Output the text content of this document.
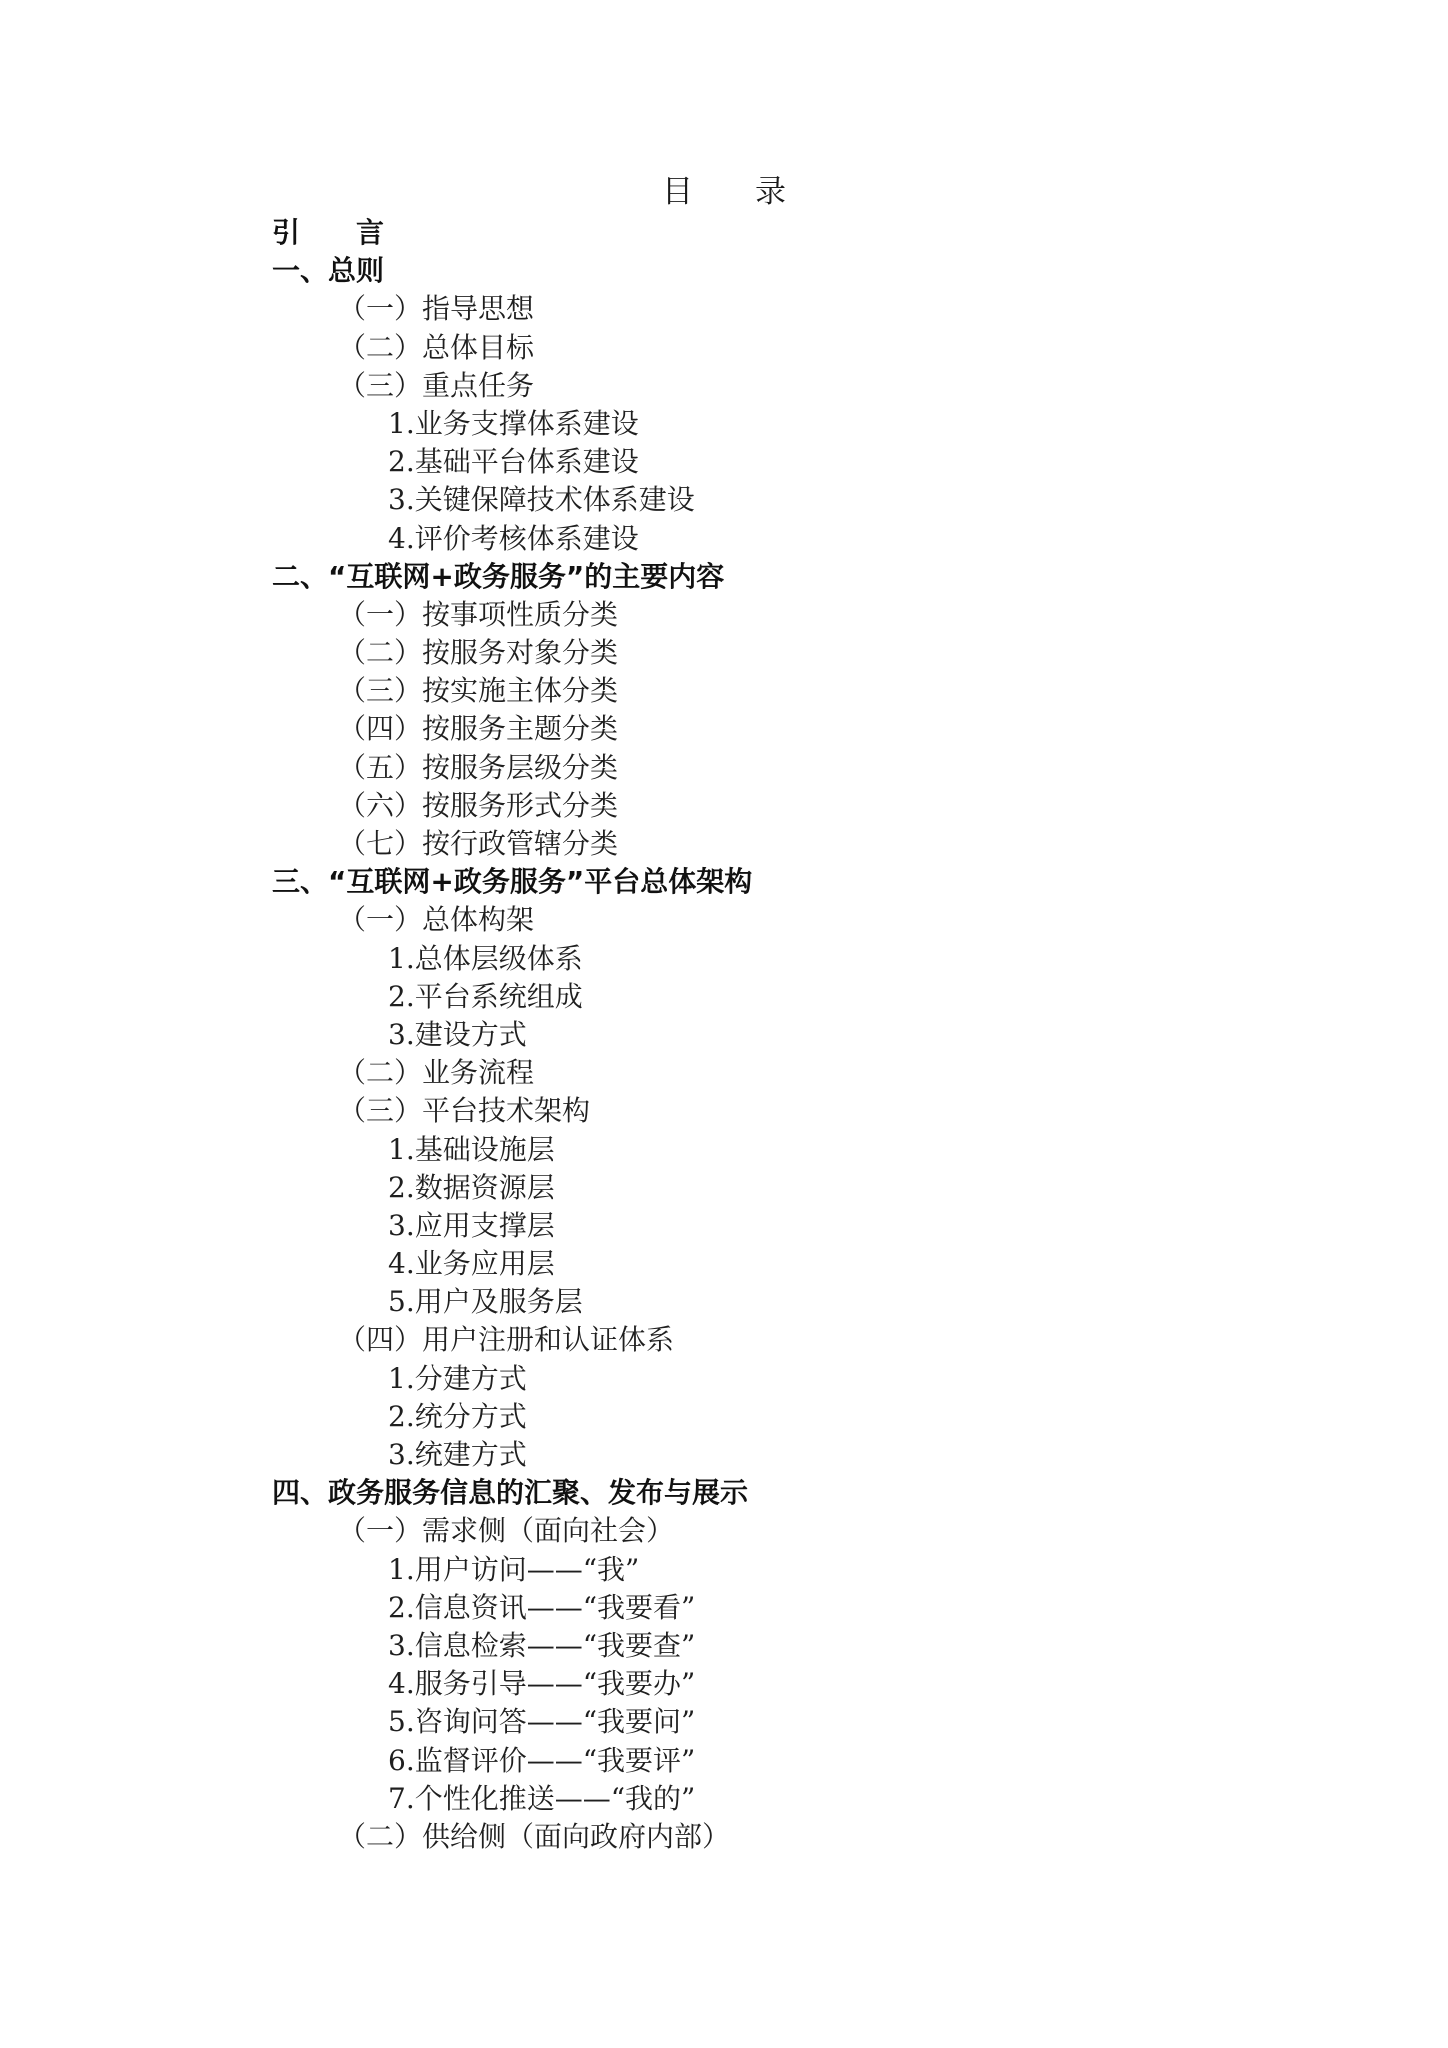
目　　录
引　　言
一、总则
（一）指导思想
（二）总体目标
（三）重点任务
1.业务支撑体系建设
2.基础平台体系建设
3.关键保障技术体系建设
4.评价考核体系建设
二、“互联网+政务服务”的主要内容
（一）按事项性质分类
（二）按服务对象分类
（三）按实施主体分类
（四）按服务主题分类
（五）按服务层级分类
（六）按服务形式分类
（七）按行政管辖分类
三、“互联网+政务服务”平台总体架构
（一）总体构架
1.总体层级体系
2.平台系统组成
3.建设方式
（二）业务流程
（三）平台技术架构
1.基础设施层
2.数据资源层
3.应用支撑层
4.业务应用层
5.用户及服务层
（四）用户注册和认证体系
1.分建方式
2.统分方式
3.统建方式
四、政务服务信息的汇聚、发布与展示
（一）需求侧（面向社会）
1.用户访问——“我”
2.信息资讯——“我要看”
3.信息检索——“我要查”
4.服务引导——“我要办”
5.咨询问答——“我要问”
6.监督评价——“我要评”
7.个性化推送——“我的”
（二）供给侧（面向政府内部）
